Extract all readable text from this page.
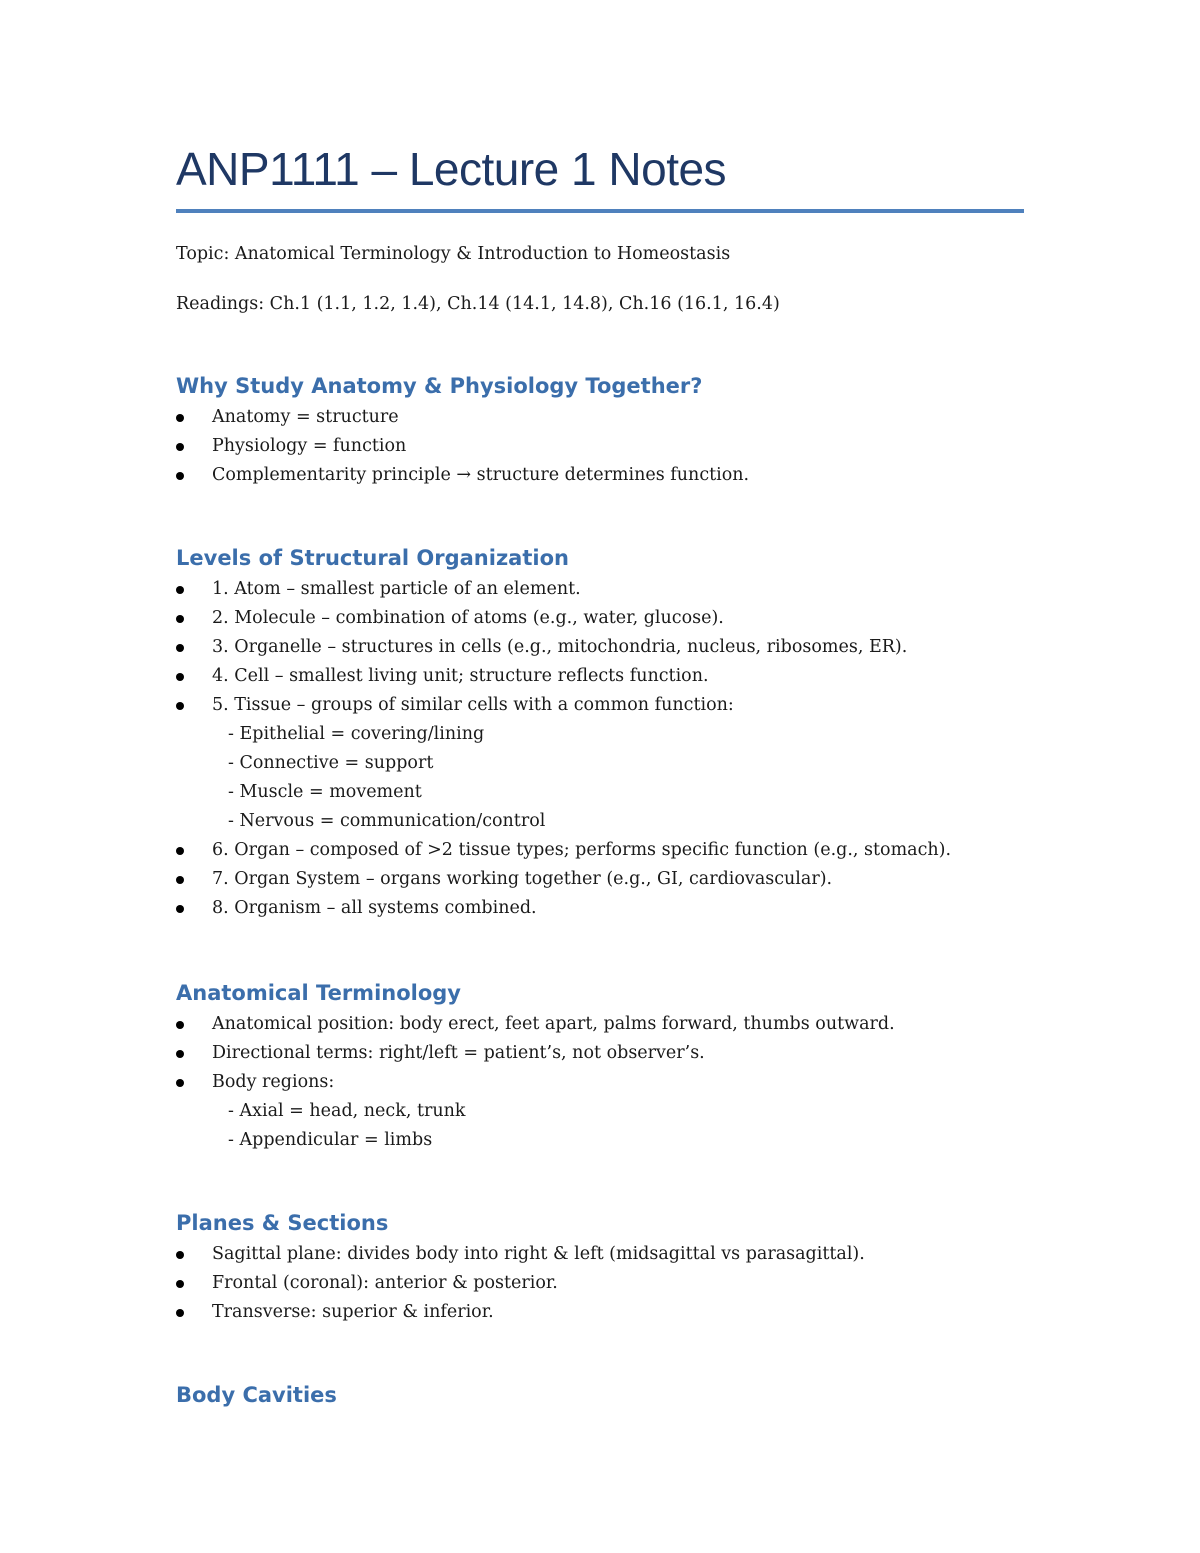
ANP1111 – Lecture 1 Notes
Topic: Anatomical Terminology & Introduction to Homeostasis
Readings: Ch.1 (1.1, 1.2, 1.4), Ch.14 (14.1, 14.8), Ch.16 (16.1, 16.4)
Why Study Anatomy & Physiology Together?
Anatomy = structure
Physiology = function
Complementarity principle → structure determines function.
Levels of Structural Organization
1. Atom – smallest particle of an element.
2. Molecule – combination of atoms (e.g., water, glucose).
3. Organelle – structures in cells (e.g., mitochondria, nucleus, ribosomes, ER).
4. Cell – smallest living unit; structure reflects function.
5. Tissue – groups of similar cells with a common function:
- Epithelial = covering/lining
- Connective = support
- Muscle = movement
- Nervous = communication/control
6. Organ – composed of >2 tissue types; performs specific function (e.g., stomach).
7. Organ System – organs working together (e.g., GI, cardiovascular).
8. Organism – all systems combined.
Anatomical Terminology
Anatomical position: body erect, feet apart, palms forward, thumbs outward.
Directional terms: right/left = patient’s, not observer’s.
Body regions:
- Axial = head, neck, trunk
- Appendicular = limbs
Planes & Sections
Sagittal plane: divides body into right & left (midsagittal vs parasagittal).
Frontal (coronal): anterior & posterior.
Transverse: superior & inferior.
Body Cavities
